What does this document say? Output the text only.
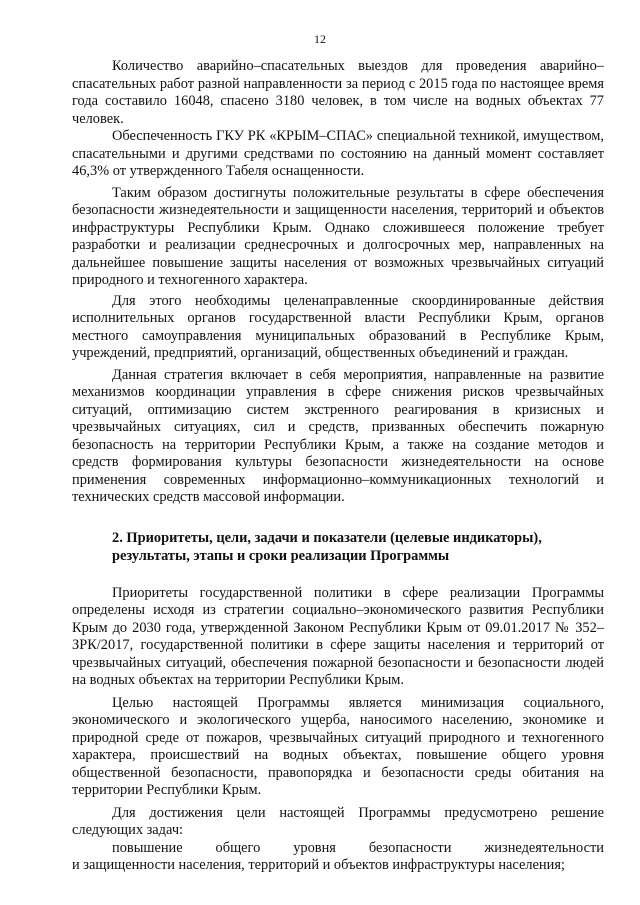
12

Количество аварийно–спасательных выездов для проведения аварийно–спасательных работ разной направленности за период с 2015 года по настоящее время года составило 16048, спасено 3180 человек, в том числе на водных объектах 77 человек.

Обеспеченность ГКУ РК «КРЫМ–СПАС» специальной техникой, имуществом, спасательными и другими средствами по состоянию на данный момент составляет 46,3% от утвержденного Табеля оснащенности.

Таким образом достигнуты положительные результаты в сфере обеспечения безопасности жизнедеятельности и защищенности населения, территорий и объектов инфраструктуры Республики Крым. Однако сложившееся положение требует разработки и реализации среднесрочных и долгосрочных мер, направленных на дальнейшее повышение защиты населения от возможных чрезвычайных ситуаций природного и техногенного характера.

Для этого необходимы целенаправленные скоординированные действия исполнительных органов государственной власти Республики Крым, органов местного самоуправления муниципальных образований в Республике Крым, учреждений, предприятий, организаций, общественных объединений и граждан.

Данная стратегия включает в себя мероприятия, направленные на развитие механизмов координации управления в сфере снижения рисков чрезвычайных ситуаций, оптимизацию систем экстренного реагирования в кризисных и чрезвычайных ситуациях, сил и средств, призванных обеспечить пожарную безопасность на территории Республики Крым, а также на создание методов и средств формирования культуры безопасности жизнедеятельности на основе применения современных информационно–коммуникационных технологий и технических средств массовой информации.

2. Приоритеты, цели, задачи и показатели (целевые индикаторы), результаты, этапы и сроки реализации Программы

Приоритеты государственной политики в сфере реализации Программы определены исходя из стратегии социально–экономического развития Республики Крым до 2030 года, утвержденной Законом Республики Крым от 09.01.2017 № 352–ЗРК/2017, государственной политики в сфере защиты населения и территорий от чрезвычайных ситуаций, обеспечения пожарной безопасности и безопасности людей на водных объектах на территории Республики Крым.

Целью настоящей Программы является минимизация социального, экономического и экологического ущерба, наносимого населению, экономике и природной среде от пожаров, чрезвычайных ситуаций природного и техногенного характера, происшествий на водных объектах, повышение общего уровня общественной безопасности, правопорядка и безопасности среды обитания на территории Республики Крым.

Для достижения цели настоящей Программы предусмотрено решение следующих задач:

повышение общего уровня безопасности жизнедеятельности
и защищенности населения, территорий и объектов инфраструктуры населения;
